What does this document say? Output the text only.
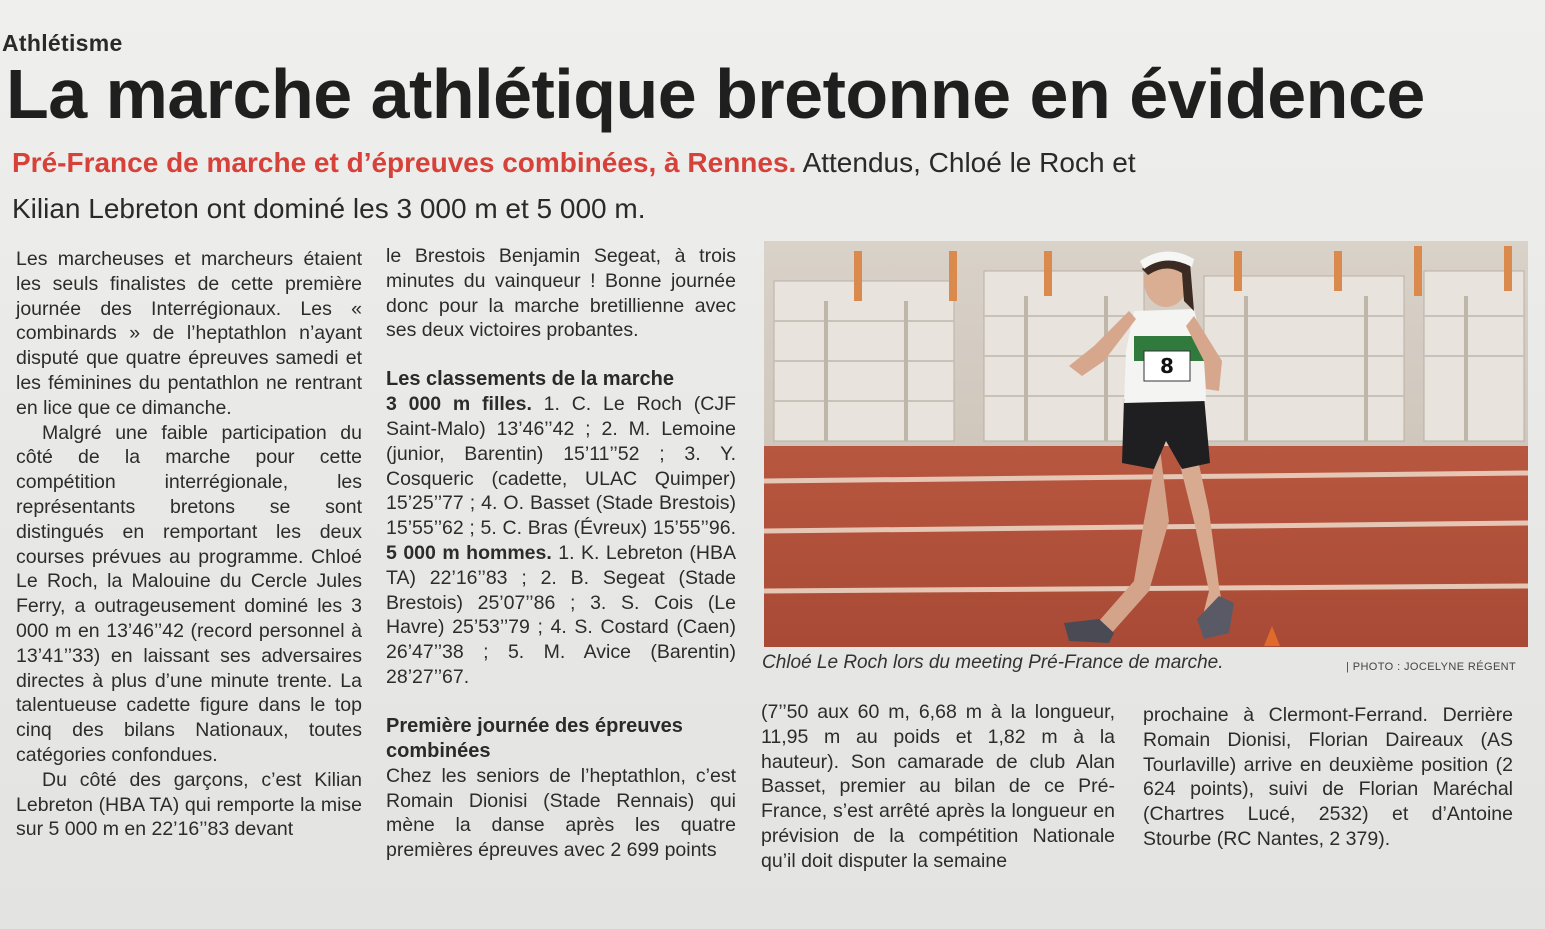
Athlétisme
La marche athlétique bretonne en évidence
Pré-France de marche et d’épreuves combinées, à Rennes. Attendus, Chloé le Roch et Kilian Lebreton ont dominé les 3 000 m et 5 000 m.

Les marcheuses et marcheurs étaient les seuls finalistes de cette première journée des Interrégionaux. Les « combinards » de l’heptathlon n’ayant disputé que quatre épreuves samedi et les féminines du pentathlon ne rentrant en lice que ce dimanche.

Malgré une faible participation du côté de la marche pour cette compétition interrégionale, les représentants bretons se sont distingués en remportant les deux courses prévues au programme. Chloé Le Roch, la Malouine du Cercle Jules Ferry, a outrageusement dominé les 3 000 m en 13’46’’42 (record personnel à 13’41’’33) en laissant ses adversaires directes à plus d’une minute trente. La talentueuse cadette figure dans le top cinq des bilans Nationaux, toutes catégories confondues.

Du côté des garçons, c’est Kilian Lebreton (HBA TA) qui remporte la mise sur 5 000 m en 22’16’’83 devant

le Brestois Benjamin Segeat, à trois minutes du vainqueur ! Bonne journée donc pour la marche bretillienne avec ses deux victoires probantes.

Les classements de la marche

3 000 m filles. 1. C. Le Roch (CJF Saint-Malo) 13’46’’42 ; 2. M. Lemoine (junior, Barentin) 15’11’’52 ; 3. Y. Cosqueric (cadette, ULAC Quimper) 15’25’’77 ; 4. O. Basset (Stade Brestois) 15’55’’62 ; 5. C. Bras (Évreux) 15’55’’96. 5 000 m hommes. 1. K. Lebreton (HBA TA) 22’16’’83 ; 2. B. Segeat (Stade Brestois) 25’07’’86 ; 3. S. Cois (Le Havre) 25’53’’79 ; 4. S. Costard (Caen) 26’47’’38 ; 5. M. Avice (Barentin) 28’27’’67.

Première journée des épreuves combinées

Chez les seniors de l’heptathlon, c’est Romain Dionisi (Stade Rennais) qui mène la danse après les quatre premières épreuves avec 2 699 points

8
Chloé Le Roch lors du meeting Pré-France de marche.	| PHOTO : JOCELYNE RÉGENT

(7’’50 aux 60 m, 6,68 m à la longueur, 11,95 m au poids et 1,82 m à la hauteur). Son camarade de club Alan Basset, premier au bilan de ce Pré-France, s’est arrêté après la longueur en prévision de la compétition Nationale qu’il doit disputer la semaine

prochaine à Clermont-Ferrand. Derrière Romain Dionisi, Florian Daireaux (AS Tourlaville) arrive en deuxième position (2 624 points), suivi de Florian Maréchal (Chartres Lucé, 2532) et d’Antoine Stourbe (RC Nantes, 2 379).
